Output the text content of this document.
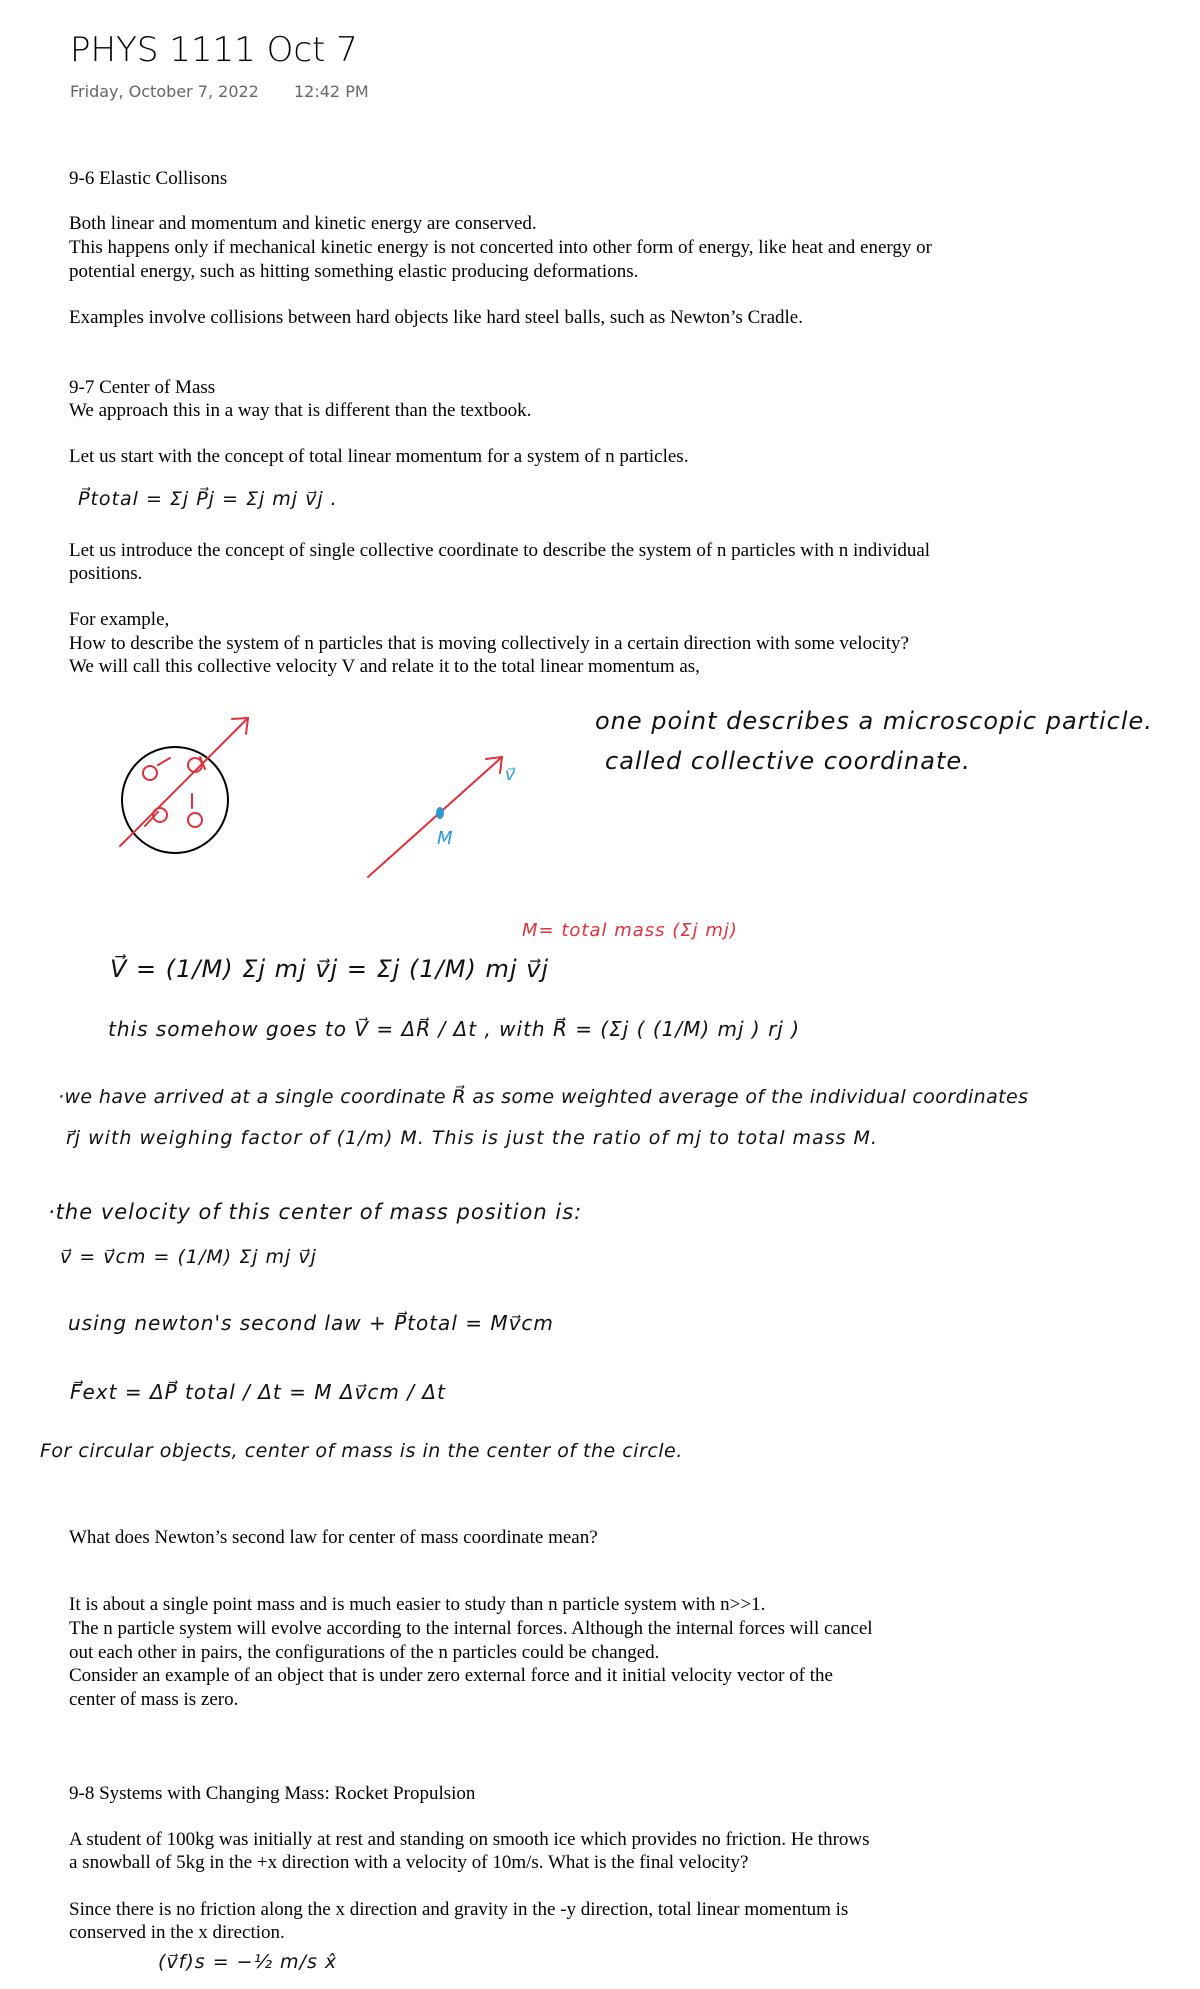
PHYS 1111 Oct 7
Friday, October 7, 2022 12:42 PM

9-6 Elastic Collisons

Both linear and momentum and kinetic energy are conserved.

This happens only if mechanical kinetic energy is not concerted into other form of energy, like heat and energy or

potential energy, such as hitting something elastic producing deformations.

Examples involve collisions between hard objects like hard steel balls, such as Newton’s Cradle.

9-7 Center of Mass

We approach this in a way that is different than the textbook.

Let us start with the concept of total linear momentum for a system of n particles.

P⃗total = Σj P⃗j = Σj mj v⃗j .

Let us introduce the concept of single collective coordinate to describe the system of n particles with n individual

positions.

For example,

How to describe the system of n particles that is moving collectively in a certain direction with some velocity?

We will call this collective velocity V and relate it to the total linear momentum as,

v⃗
M
one point describes a microscopic particle.
called collective coordinate.
M= total mass (Σj mj)
V⃗ = (1/M) Σj mj v⃗j = Σj (1/M) mj v⃗j
this somehow goes to V⃗ = ΔR⃗ / Δt , with R⃗ = (Σj ( (1/M) mj ) rj )
·we have arrived at a single coordinate R⃗ as some weighted average of the individual coordinates
r⃗j with weighing factor of (1/m) M. This is just the ratio of mj to total mass M.
·the velocity of this center of mass position is:
v⃗ = v⃗cm = (1/M) Σj mj v⃗j
using newton's second law + P⃗total = Mv⃗cm
F⃗ext = ΔP⃗ total / Δt = M Δv⃗cm / Δt
For circular objects, center of mass is in the center of the circle.

What does Newton’s second law for center of mass coordinate mean?

It is about a single point mass and is much easier to study than n particle system with n>>1.

The n particle system will evolve according to the internal forces. Although the internal forces will cancel

out each other in pairs, the configurations of the n particles could be changed.

Consider an example of an object that is under zero external force and it initial velocity vector of the

center of mass is zero.

9-8 Systems with Changing Mass: Rocket Propulsion

A student of 100kg was initially at rest and standing on smooth ice which provides no friction. He throws

a snowball of 5kg in the +x direction with a velocity of 10m/s. What is the final velocity?

Since there is no friction along the x direction and gravity in the -y direction, total linear momentum is

conserved in the x direction.

(v⃗f)s = −½ m/s x̂
